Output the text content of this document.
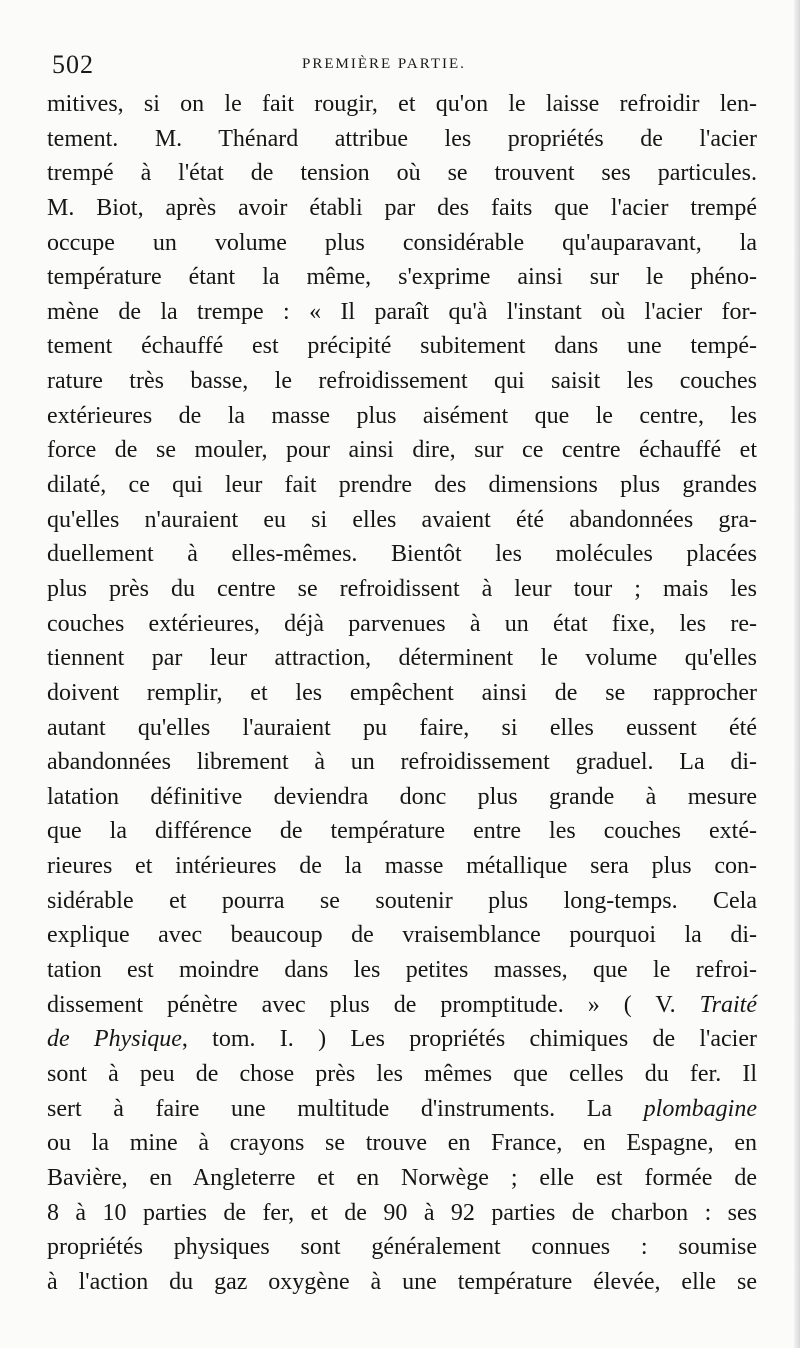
502	PREMIÈRE PARTIE.
mitives, si on le fait rougir, et qu'on le laisse refroidir len-
tement. M. Thénard attribue les propriétés de l'acier
trempé à l'état de tension où se trouvent ses particules.
M. Biot, après avoir établi par des faits que l'acier trempé
occupe un volume plus considérable qu'auparavant, la
température étant la même, s'exprime ainsi sur le phéno-
mène de la trempe : « Il paraît qu'à l'instant où l'acier for-
tement échauffé est précipité subitement dans une tempé-
rature très basse, le refroidissement qui saisit les couches
extérieures de la masse plus aisément que le centre, les
force de se mouler, pour ainsi dire, sur ce centre échauffé et
dilaté, ce qui leur fait prendre des dimensions plus grandes
qu'elles n'auraient eu si elles avaient été abandonnées gra-
duellement à elles-mêmes. Bientôt les molécules placées
plus près du centre se refroidissent à leur tour ; mais les
couches extérieures, déjà parvenues à un état fixe, les re-
tiennent par leur attraction, déterminent le volume qu'elles
doivent remplir, et les empêchent ainsi de se rapprocher
autant qu'elles l'auraient pu faire, si elles eussent été
abandonnées librement à un refroidissement graduel. La di-
latation définitive deviendra donc plus grande à mesure
que la différence de température entre les couches exté-
rieures et intérieures de la masse métallique sera plus con-
sidérable et pourra se soutenir plus long-temps. Cela
explique avec beaucoup de vraisemblance pourquoi la di-
tation est moindre dans les petites masses, que le refroi-
dissement pénètre avec plus de promptitude. » ( V. Traité
de Physique, tom. I. ) Les propriétés chimiques de l'acier
sont à peu de chose près les mêmes que celles du fer. Il
sert à faire une multitude d'instruments. La plombagine
ou la mine à crayons se trouve en France, en Espagne, en
Bavière, en Angleterre et en Norwège ; elle est formée de
8 à 10 parties de fer, et de 90 à 92 parties de charbon : ses
propriétés physiques sont généralement connues : soumise
à l'action du gaz oxygène à une température élevée, elle se
